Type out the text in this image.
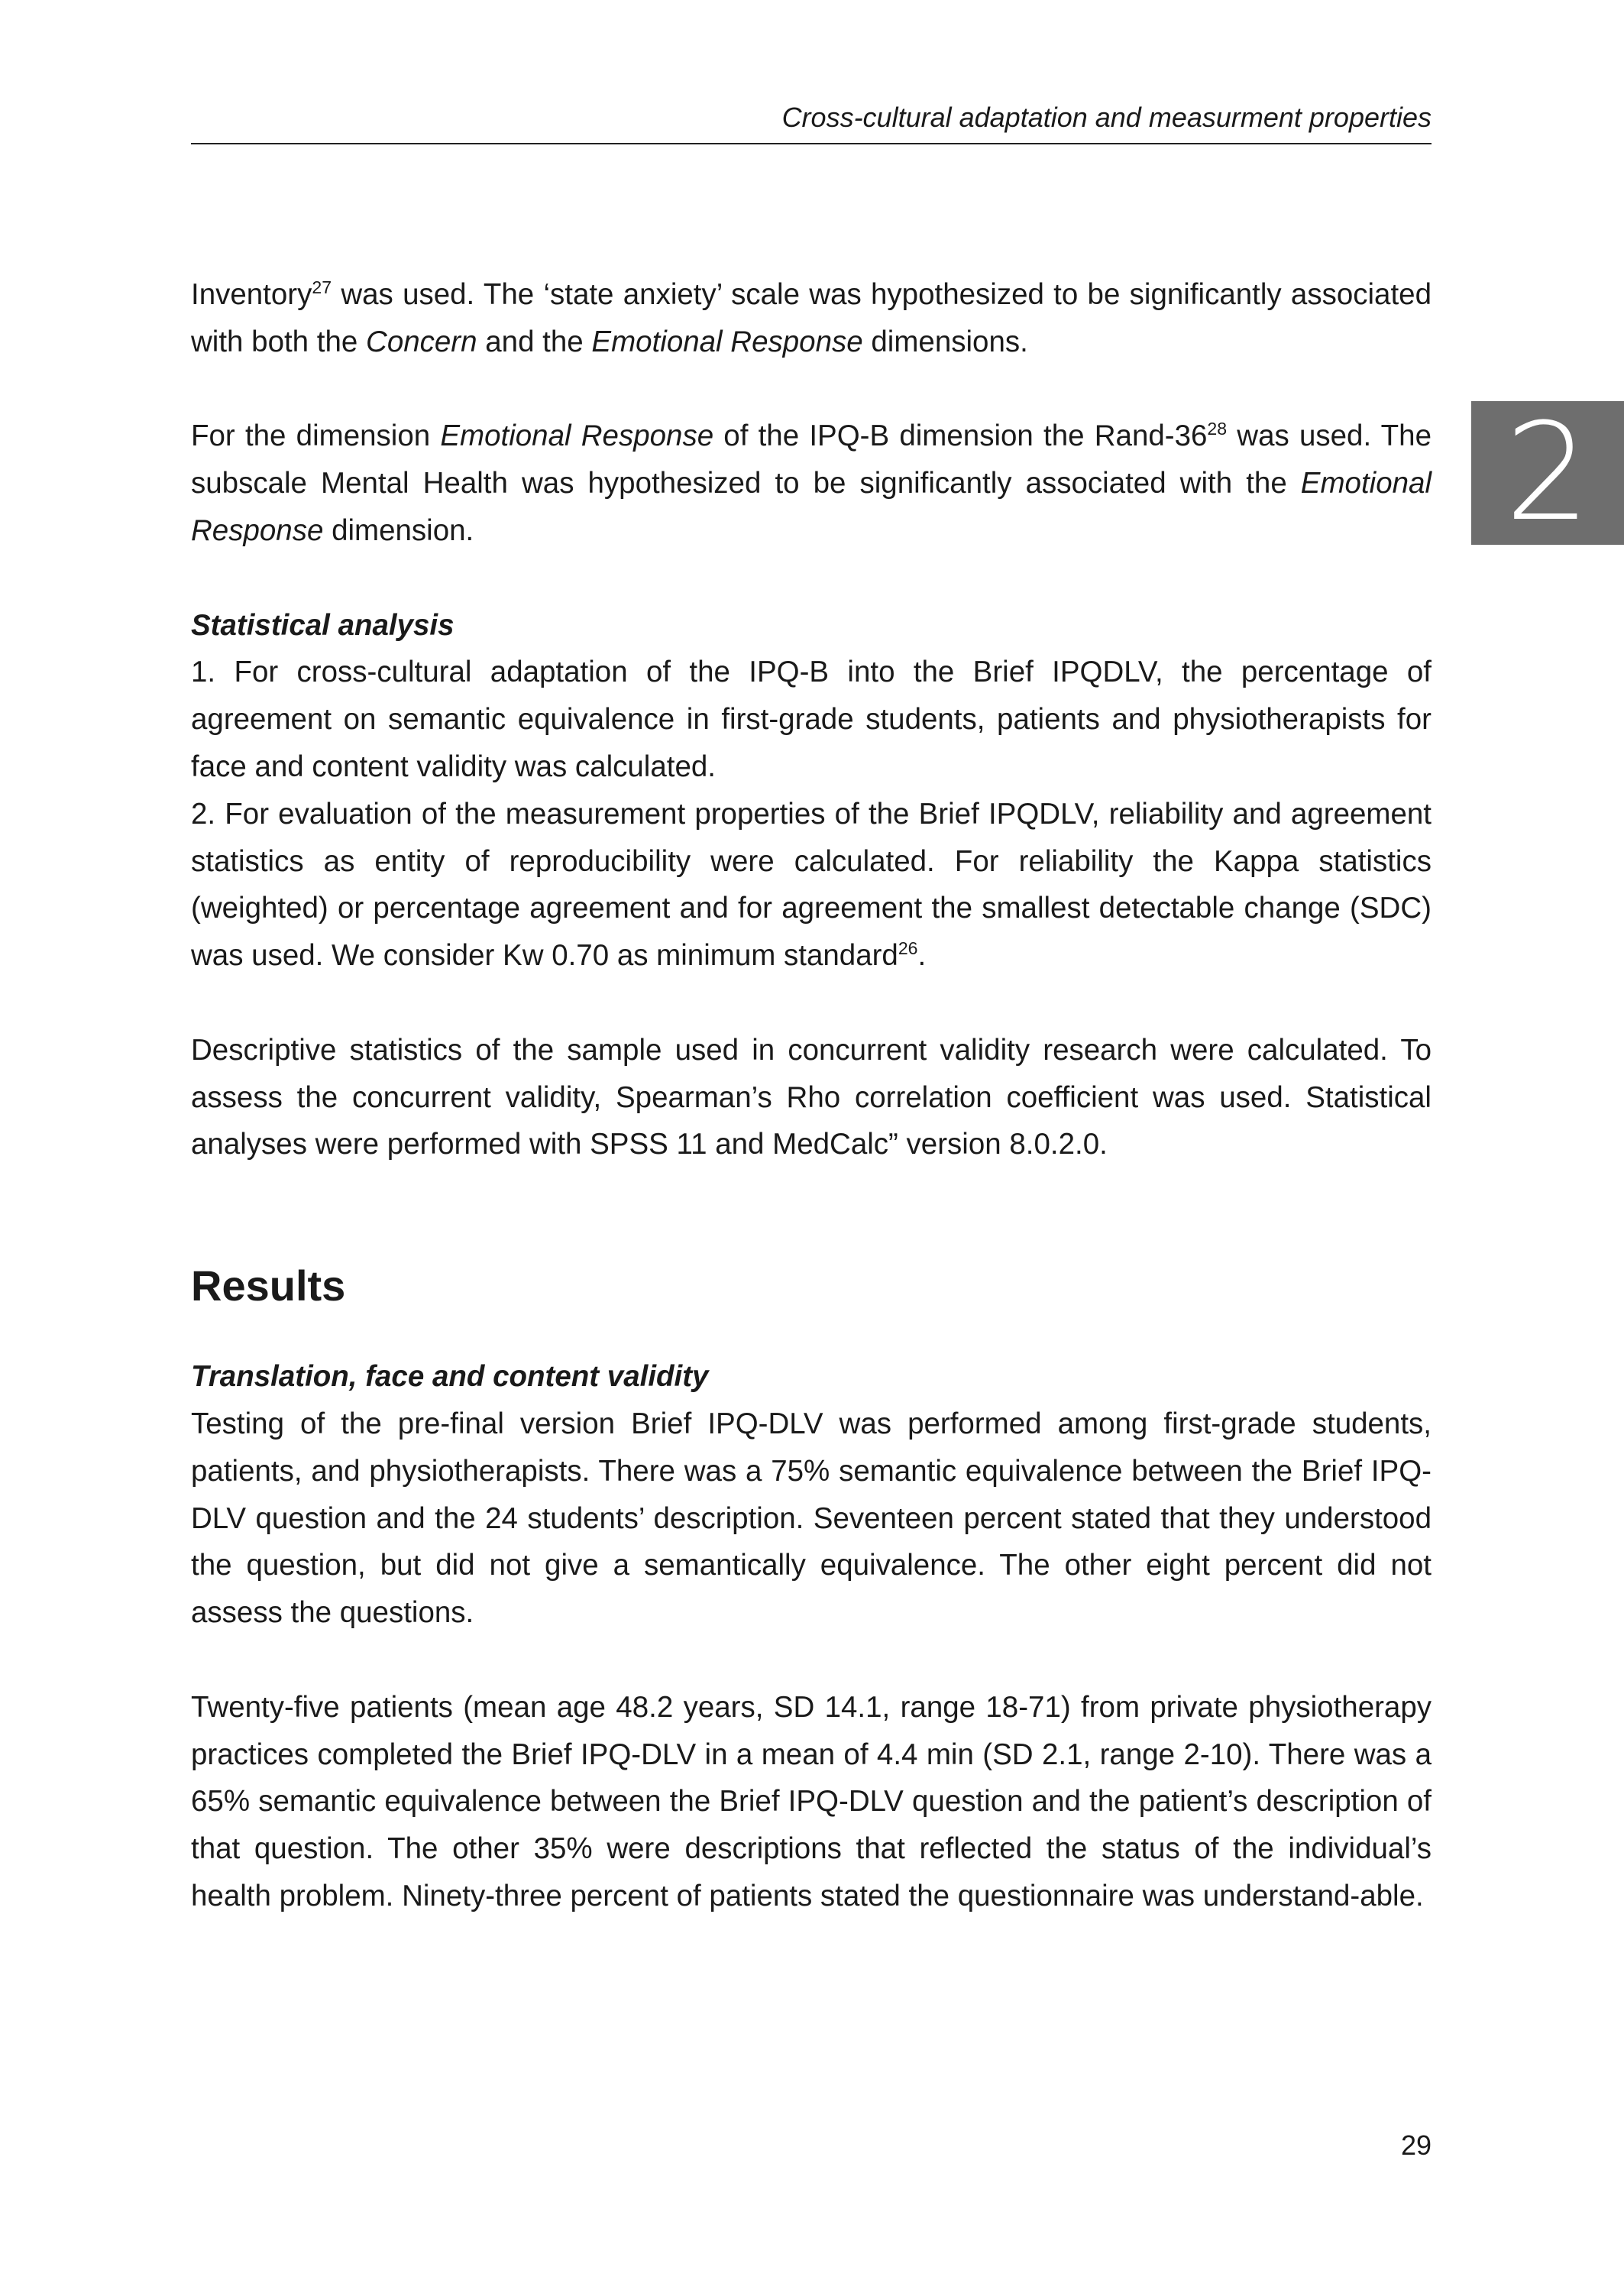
Cross-cultural adaptation and measurment properties
2

Inventory$^{27}$ was used. The ‘state anxiety’ scale was hypothesized to be significantly associated with both the Concern and the Emotional Response dimensions.

For the dimension Emotional Response of the IPQ-B dimension the Rand-$36^{28}$ was used. The subscale Mental Health was hypothesized to be significantly associated with the Emotional Response dimension.

Statistical analysis

1. For cross-cultural adaptation of the IPQ-B into the Brief IPQDLV, the percentage of agreement on semantic equivalence in first-grade students, patients and physiotherapists for face and content validity was calculated.

2. For evaluation of the measurement properties of the Brief IPQDLV, reliability and agreement statistics as entity of reproducibility were calculated. For reliability the Kappa statistics (weighted) or percentage agreement and for agreement the smallest detectable change (SDC) was used. We consider Kw 0.70 as minimum standard$^{26}$.

Descriptive statistics of the sample used in concurrent validity research were calculated. To assess the concurrent validity, Spearman’s Rho correlation coefficient was used. Statistical analyses were performed with SPSS 11 and MedCalc” version 8.0.2.0.

Results

Translation, face and content validity

Testing of the pre-final version Brief IPQ-DLV was performed among first-grade students, patients, and physiotherapists. There was a 75% semantic equivalence between the Brief IPQ-DLV question and the 24 students’ description. Seventeen percent stated that they understood the question, but did not give a semantically equivalence. The other eight percent did not assess the questions.

Twenty-five patients (mean age 48.2 years, SD 14.1, range 18-71) from private physiotherapy practices completed the Brief IPQ-DLV in a mean of 4.4 min (SD 2.1, range 2-10). There was a 65% semantic equivalence between the Brief IPQ-DLV question and the patient’s description of that question. The other 35% were descriptions that reflected the status of the individual’s health problem. Ninety-three percent of patients stated the questionnaire was understand-able.

29
